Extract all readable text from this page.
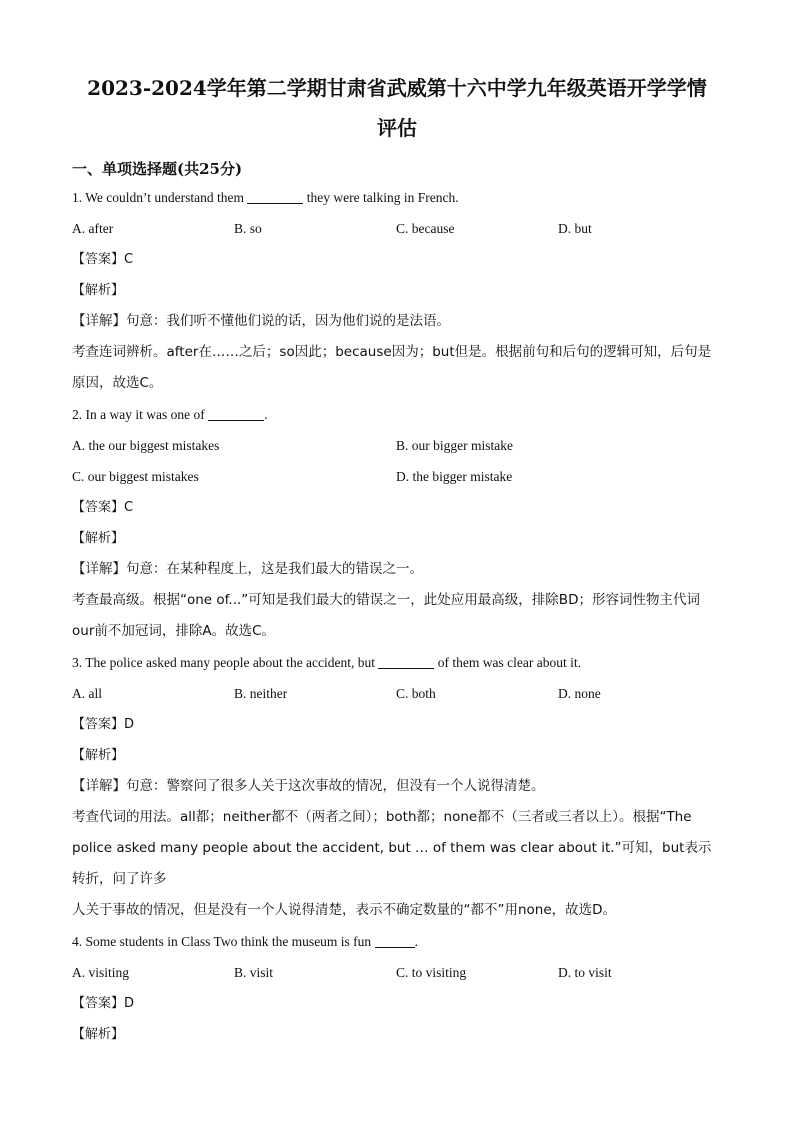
2023-2024学年第二学期甘肃省武威第十六中学九年级英语开学学情
评估
一、单项选择题(共25分)
1. We couldn’t understand them	they were talking in French.
A. after	B. so	C. because	D. but
【答案】C
【解析】
【详解】句意：我们听不懂他们说的话，因为他们说的是法语。
考查连词辨析。after在……之后；so因此；because因为；but但是。根据前句和后句的逻辑可知，后句是
原因，故选C。
2. In a way it was one of	.
A. the our biggest mistakes	B. our bigger mistake
C. our biggest mistakes	D. the bigger mistake
【答案】C
【解析】
【详解】句意：在某种程度上，这是我们最大的错误之一。
考查最高级。根据“one of...”可知是我们最大的错误之一，此处应用最高级，排除BD；形容词性物主代词
our前不加冠词，排除A。故选C。
3. The police asked many people about the accident, but	of them was clear about it.
A. all	B. neither	C. both	D. none
【答案】D
【解析】
【详解】句意：警察问了很多人关于这次事故的情况，但没有一个人说得清楚。
考查代词的用法。all都；neither都不（两者之间）；both都；none都不（三者或三者以上）。根据“The
police asked many people about the accident, but … of them was clear about it.”可知，but表示转折，问了许多
人关于事故的情况，但是没有一个人说得清楚，表示不确定数量的“都不”用none，故选D。
4. Some students in Class Two think the museum is fun	.
A. visiting	B. visit	C. to visiting	D. to visit
【答案】D
【解析】
